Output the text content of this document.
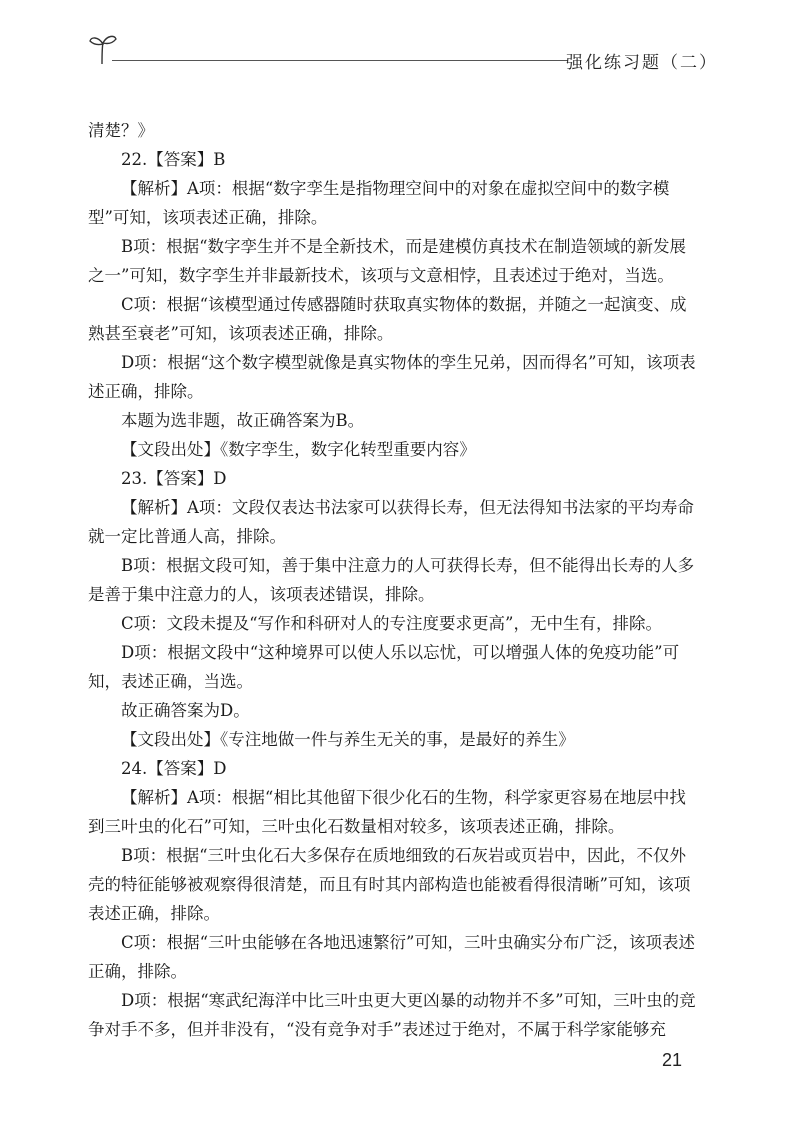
强化练习题（二）

清楚？》

22.【答案】B

【解析】A项：根据“数字孪生是指物理空间中的对象在虚拟空间中的数字模型”可知，该项表述正确，排除。

B项：根据“数字孪生并不是全新技术，而是建模仿真技术在制造领域的新发展之一”可知，数字孪生并非最新技术，该项与文意相悖，且表述过于绝对，当选。

C项：根据“该模型通过传感器随时获取真实物体的数据，并随之一起演变、成熟甚至衰老”可知，该项表述正确，排除。

D项：根据“这个数字模型就像是真实物体的孪生兄弟，因而得名”可知，该项表述正确，排除。

本题为选非题，故正确答案为B。

【文段出处】《数字孪生，数字化转型重要内容》

23.【答案】D

【解析】A项：文段仅表达书法家可以获得长寿，但无法得知书法家的平均寿命就一定比普通人高，排除。

B项：根据文段可知，善于集中注意力的人可获得长寿，但不能得出长寿的人多是善于集中注意力的人，该项表述错误，排除。

C项：文段未提及“写作和科研对人的专注度要求更高”，无中生有，排除。

D项：根据文段中“这种境界可以使人乐以忘忧，可以增强人体的免疫功能”可知，表述正确，当选。

故正确答案为D。

【文段出处】《专注地做一件与养生无关的事，是最好的养生》

24.【答案】D

【解析】A项：根据“相比其他留下很少化石的生物，科学家更容易在地层中找到三叶虫的化石”可知，三叶虫化石数量相对较多，该项表述正确，排除。

B项：根据“三叶虫化石大多保存在质地细致的石灰岩或页岩中，因此，不仅外壳的特征能够被观察得很清楚，而且有时其内部构造也能被看得很清晰”可知，该项表述正确，排除。

C项：根据“三叶虫能够在各地迅速繁衍”可知，三叶虫确实分布广泛，该项表述正确，排除。

D项：根据“寒武纪海洋中比三叶虫更大更凶暴的动物并不多”可知，三叶虫的竞争对手不多，但并非没有，“没有竞争对手”表述过于绝对，不属于科学家能够充

21
